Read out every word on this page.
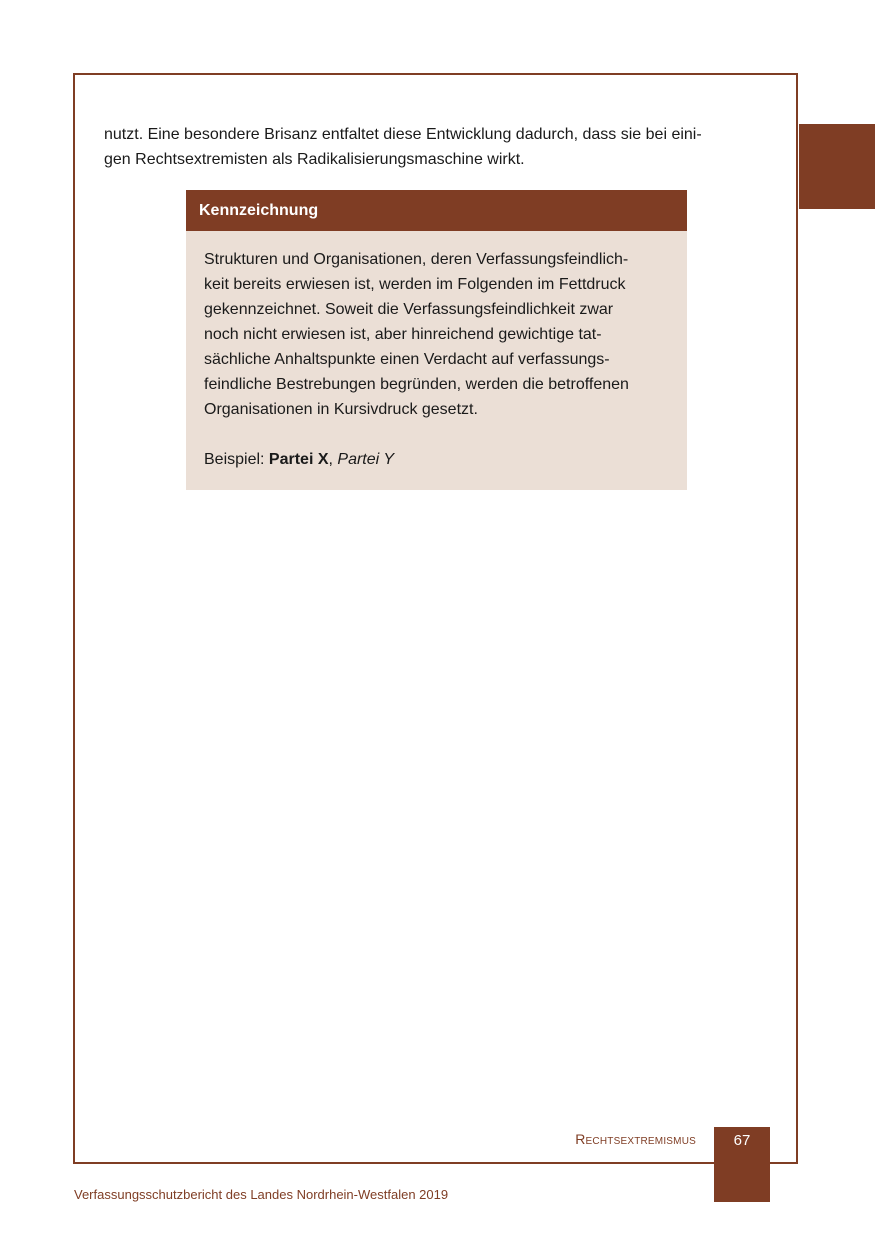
nutzt. Eine besondere Brisanz entfaltet diese Entwicklung dadurch, dass sie bei eini-
gen Rechtsextremisten als Radikalisierungsmaschine wirkt.

Kennzeichnung
Strukturen und Organisationen, deren Verfassungsfeindlich-
keit bereits erwiesen ist, werden im Folgenden im Fettdruck
gekennzeichnet. Soweit die Verfassungsfeindlichkeit zwar
noch nicht erwiesen ist, aber hinreichend gewichtige tat-
sächliche Anhaltspunkte einen Verdacht auf verfassungs-
feindliche Bestrebungen begründen, werden die betroffenen
Organisationen in Kursivdruck gesetzt.
Beispiel: Partei X, Partei Y
Rechtsextremismus	67
Verfassungsschutzbericht des Landes Nordrhein-Westfalen 2019
